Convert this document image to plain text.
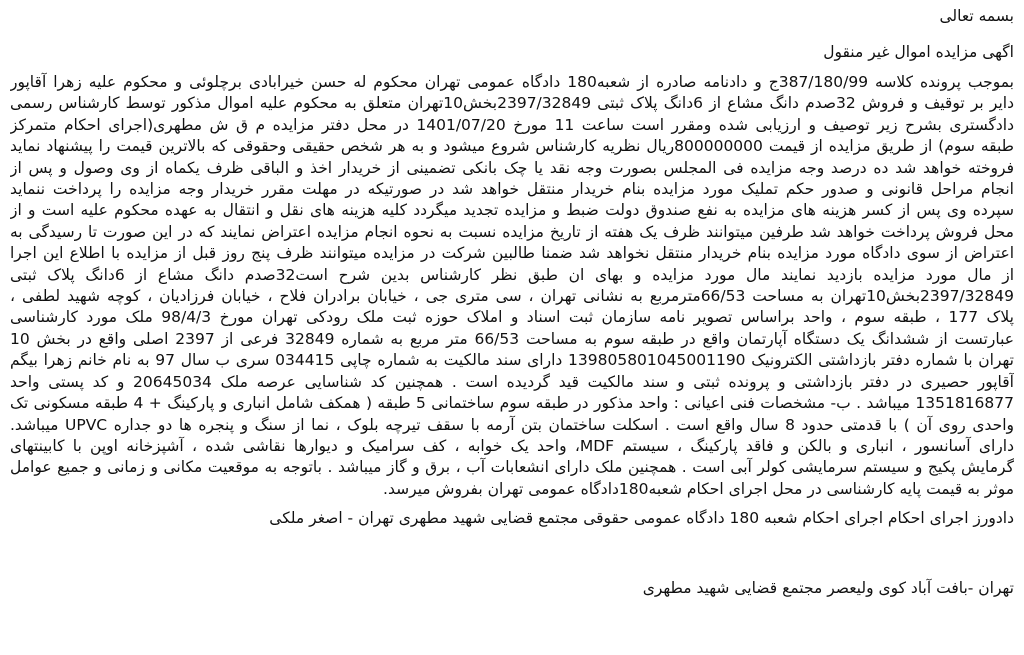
بسمه تعالی
اگهی مزایده اموال غیر منقول
بموجب پرونده کلاسه 387/180/99ج و دادنامه صادره از شعبه180 دادگاه عمومی تهران محکوم له حسن خیرابادی برچلوئی و محکوم علیه زهرا آقاپور
دایر بر توقیف و فروش 32صدم دانگ مشاع از 6دانگ پلاک ثبتی 2397/32849بخش10تهران متعلق به محکوم علیه اموال مذکور توسط کارشناس رسمی
دادگستری بشرح زیر توصیف و ارزیابی شده ومقرر است ساعت 11 مورخ 1401/07/20 در محل دفتر مزایده م ق ش مطهری(اجرای احکام متمرکز
طبقه سوم) از طریق مزایده از قیمت 800000000ریال نظریه کارشناس شروع میشود و به هر شخص حقیقی وحقوقی که بالاترین قیمت را پیشنهاد نماید
فروخته خواهد شد ده درصد وجه مزایده فی المجلس بصورت وجه نقد یا چک بانکی تضمینی از خریدار اخذ و الباقی ظرف یکماه از وی وصول و پس از
انجام مراحل قانونی و صدور حکم تملیک مورد مزایده بنام خریدار منتقل خواهد شد در صورتیکه در مهلت مقرر خریدار وجه مزایده را پرداخت ننماید
سپرده وی پس از کسر هزینه های مزایده به نفع صندوق دولت ضبط و مزایده تجدید میگردد کلیه هزینه های نقل و انتقال به عهده محکوم علیه است و از
محل فروش پرداخت خواهد شد طرفین میتوانند ظرف یک هفته از تاریخ مزایده نسبت به نحوه انجام مزایده اعتراض نمایند که در این صورت تا رسیدگی به
اعتراض از سوی دادگاه مورد مزایده بنام خریدار منتقل نخواهد شد ضمنا طالبین شرکت در مزایده میتوانند ظرف پنج روز قبل از مزایده با اطلاع این اجرا
از مال مورد مزایده بازدید نمایند مال مورد مزایده و بهای ان طبق نظر کارشناس بدین شرح است32صدم دانگ مشاع از 6دانگ پلاک ثبتی
2397/32849بخش10تهران به مساحت 66/53مترمربع به نشانی تهران ، سی متری جی ، خیابان برادران فلاح ، خیابان فرزادیان ، کوچه شهید لطفی ،
پلاک 177 ، طبقه سوم ، واحد براساس تصویر نامه سازمان ثبت اسناد و املاک حوزه ثبت ملک رودکی تهران مورخ 98/4/3 ملک مورد کارشناسی
عبارتست از ششدانگ یک دستگاه آپارتمان واقع در طبقه سوم به مساحت 66/53 متر مربع به شماره 32849 فرعی از 2397 اصلی واقع در بخش 10
تهران با شماره دفتر بازداشتی الکترونیک 139805801045001190 دارای سند مالکیت به شماره چاپی 034415 سری ب سال 97 به نام خانم زهرا بیگم
آقاپور حصیری در دفتر بازداشتی و پرونده ثبتی و سند مالکیت قید گردیده است . همچنین کد شناسایی عرصه ملک 20645034 و کد پستی واحد
1351816877 میباشد . ب- مشخصات فنی اعیانی : واحد مذکور در طبقه سوم ساختمانی 5 طبقه ( همکف شامل انباری و پارکینگ + 4 طبقه مسکونی تک
واحدی روی آن ) با قدمتی حدود 8 سال واقع است . اسکلت ساختمان بتن آرمه با سقف تیرچه بلوک ، نما از سنگ و پنجره ها دو جداره UPVC میباشد.
دارای آسانسور ، انباری و بالکن و فاقد پارکینگ ، سیستم MDF، واحد یک خوابه ، کف سرامیک و دیوارها نقاشی شده ، آشپزخانه اوپن با کابینتهای
گرمایش پکیج و سیستم سرمایشی کولر آبی است . همچنین ملک دارای انشعابات آب ، برق و گاز میباشد . باتوجه به موقعیت مکانی و زمانی و جمیع عوامل
موثر به قیمت پایه کارشناسی در محل اجرای احکام شعبه180دادگاه عمومی تهران بفروش میرسد.
دادورز اجرای احکام اجرای احکام شعبه 180 دادگاه عمومی حقوقی مجتمع قضایی شهید مطهری تهران - اصغر ملکی
تهران -بافت آباد کوی ولیعصر مجتمع قضایی شهید مطهری
